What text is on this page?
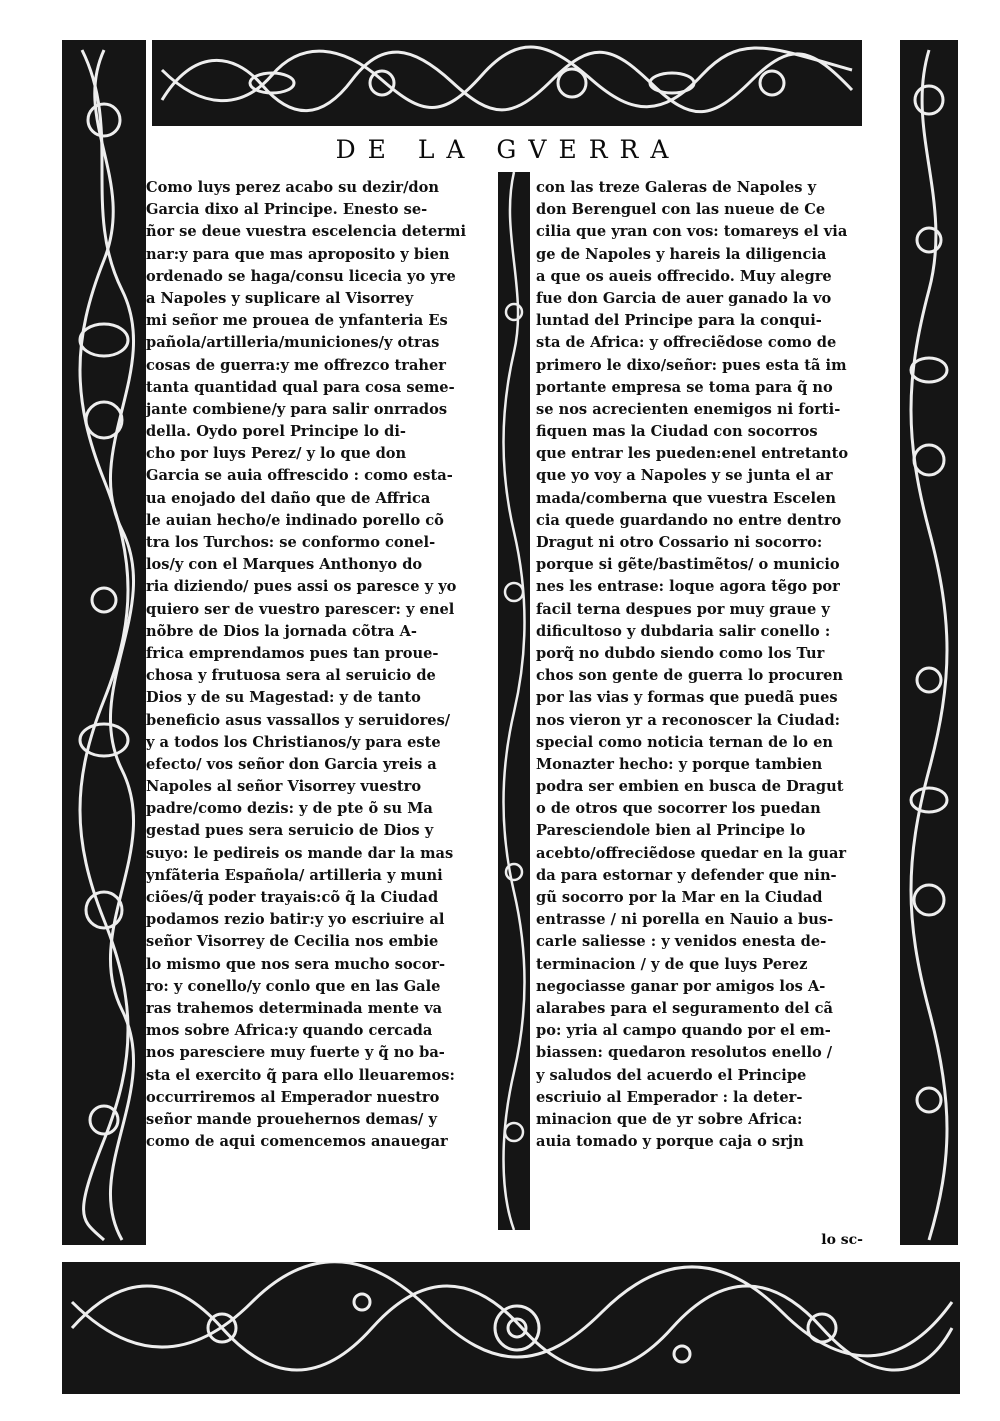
DE LA GVERRA
Como luys perez acabo su dezir/don
Garcia dixo al Principe. Enesto se-
ñor se deue vuestra escelencia determi
nar:y para que mas aproposito y bien
ordenado se haga/consu licecia yo yre
a Napoles y suplicare al Visorrey
mi señor me proueа de ynfanteria Es
pañola/artilleria/municiones/y otras
cosas de guerra:y me offrezco traher
tanta quantidad qual para cosa seme-
jante combiene/y para salir onrrados
della. Oydo porel Principe lo di-
cho por luys Perez/ y lo que don
Garcia se auia offrescido : como esta-
ua enojado del daño que de Affrica
le auian hecho/e indinado porello cõ
tra los Turchos: se conformo conel-
los/y con el Marques Anthonyo do
ria diziendo/ pues assi os paresce y yo
quiero ser de vuestro parescer: y enel
nõbre de Dios la jornada cõtra A-
frica emprendamos pues tan proue-
chosa y frutuosa sera al seruicio de
Dios y de su Magestad: y de tanto
beneficio asus vassallos y seruidores/
y a todos los Christianos/y para este
efecto/ vos señor don Garcia yreis a
Napoles al señor Visorrey vuestro
padre/como dezis: y de pte õ su Ma
gestad pues sera seruicio de Dios y
suyo: le pedireis os mande dar la mas
ynfãteria Española/ artilleria y muni
ciões/q̃ poder trayais:cõ q̃ la Ciudad
podamos rezio batir:y yo escriuire al
señor Visorrey de Cecilia nos embie
lo mismo que nos sera mucho socor-
ro: y conello/y conlo que en las Gale
ras trahemos determinada mente va
mos sobre Africa:y quando cercada
nos paresciere muy fuerte y q̃ no ba-
sta el exercito q̃ para ello lleuaremos:
occurriremos al Emperador nuestro
señor mande prouehernos demas/ y
como de aqui comencemos anauegar
con las treze Galeras de Napoles y
don Berenguel con las nueue de Ce
cilia que yran con vos: tomareys el via
ge de Napoles y hareis la diligencia
a que os aueis offrecido. Muy alegre
fue don Garcia de auer ganado la vo
luntad del Principe para la conqui-
sta de Africa: y offreciẽdose como de
primero le dixo/señor: pues esta tã im
portante empresa se toma para q̃ no
se nos acrecienten enemigos ni forti-
fiquen mas la Ciudad con socorros
que entrar les pueden:enel entretanto
que yo voy a Napoles y se junta el ar
mada/comberna que vuestra Escelen
cia quede guardando no entre dentro
Dragut ni otro Cossario ni socorro:
porque si gẽte/bastimẽtos/ o municio
nes les entrase: loque agora tẽgo por
facil terna despues por muy graue y
dificultoso y dubdaria salir conello :
porq̃ no dubdo siendo como los Tur
chos son gente de guerra lo procuren
por las vias y formas que puedã pues
nos vieron yr a reconoscer la Ciudad:
special como noticia ternan de lo en
Monazter hecho: y porque tambien
podra ser embien en busca de Dragut
o de otros que socorrer los puedan
Paresciendole bien al Principe lo
acebto/offreciẽdose quedar en la guar
da para estornar y defender que nin-
gũ socorro por la Mar en la Ciudad
entrasse / ni porella en Nauio a bus-
carle saliesse : y venidos enesta de-
terminacion / y de que luys Perez
negociasse ganar por amigos los A-
alarabes para el seguramento del cã
po: yria al campo quando por el em-
biassen: quedaron resolutos enello /
y saludos del acuerdo el Principe
escriuio al Emperador : la deter-
minacion que de yr sobre Africa:
auia tomado y porque caja o srjn
lo sc-
